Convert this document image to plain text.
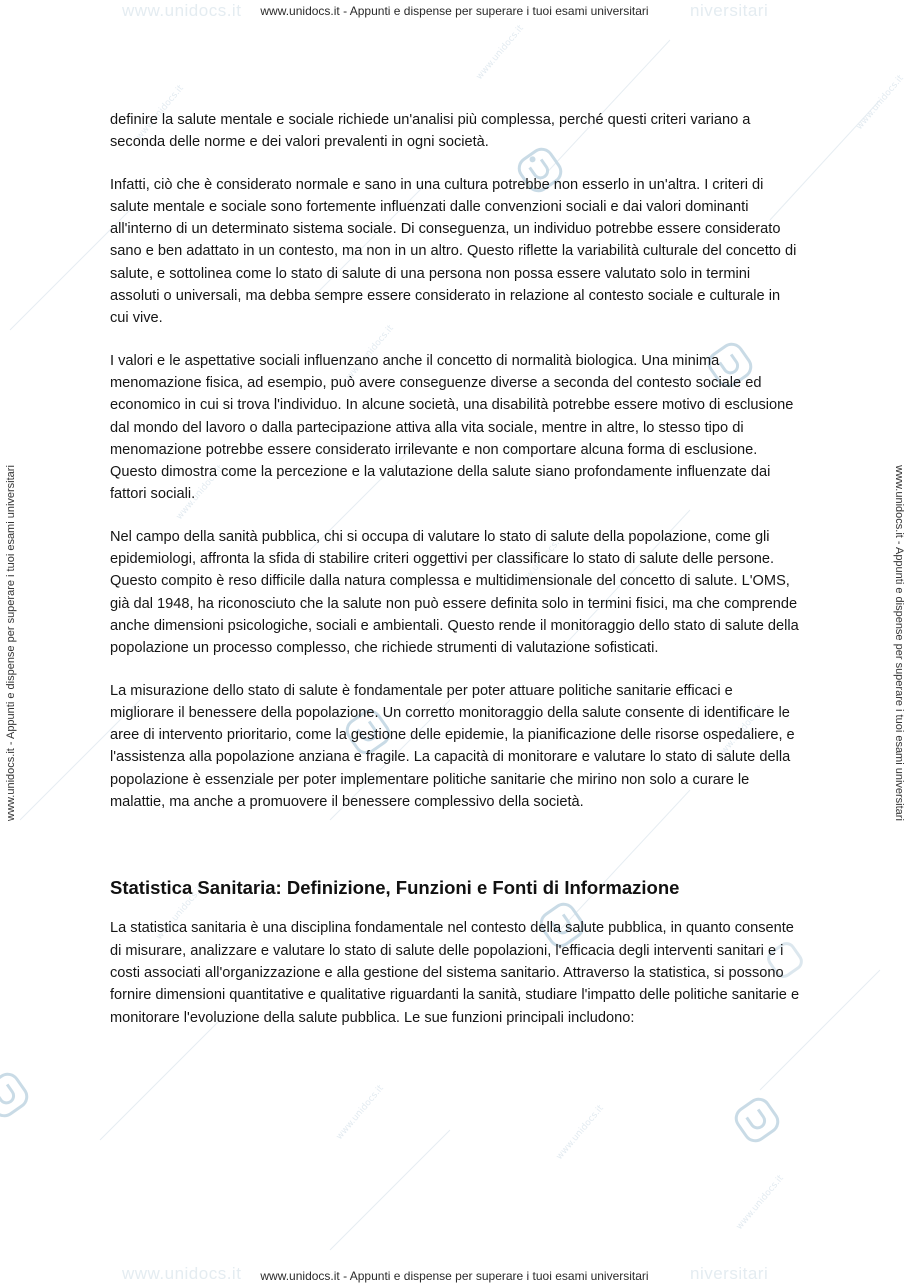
www.unidocs.it
www.unidocs.it
www.unidocs.it
www.unidocs.it
www.unidocs.it
www.unidocs.it
www.unidocs.it
www.unidocs.it
www.unidocs.it	www.unidocs.it
www.unidocs.it
www.unidocs.it	niversitari
www.unidocs.it	niversitari
www.unidocs.it - Appunti e dispense per superare i tuoi esami universitari
www.unidocs.it - Appunti e dispense per superare i tuoi esami universitari	www.unidocs.it - Appunti e dispense per superare i tuoi esami universitari

definire la salute mentale e sociale richiede un'analisi più complessa, perché questi criteri variano a seconda delle norme e dei valori prevalenti in ogni società.

Infatti, ciò che è considerato normale e sano in una cultura potrebbe non esserlo in un'altra. I criteri di salute mentale e sociale sono fortemente influenzati dalle convenzioni sociali e dai valori dominanti all'interno di un determinato sistema sociale. Di conseguenza, un individuo potrebbe essere considerato sano e ben adattato in un contesto, ma non in un altro. Questo riflette la variabilità culturale del concetto di salute, e sottolinea come lo stato di salute di una persona non possa essere valutato solo in termini assoluti o universali, ma debba sempre essere considerato in relazione al contesto sociale e culturale in cui vive.

I valori e le aspettative sociali influenzano anche il concetto di normalità biologica. Una minima menomazione fisica, ad esempio, può avere conseguenze diverse a seconda del contesto sociale ed economico in cui si trova l'individuo. In alcune società, una disabilità potrebbe essere motivo di esclusione dal mondo del lavoro o dalla partecipazione attiva alla vita sociale, mentre in altre, lo stesso tipo di menomazione potrebbe essere considerato irrilevante e non comportare alcuna forma di esclusione. Questo dimostra come la percezione e la valutazione della salute siano profondamente influenzate dai fattori sociali.

Nel campo della sanità pubblica, chi si occupa di valutare lo stato di salute della popolazione, come gli epidemiologi, affronta la sfida di stabilire criteri oggettivi per classificare lo stato di salute delle persone. Questo compito è reso difficile dalla natura complessa e multidimensionale del concetto di salute. L'OMS, già dal 1948, ha riconosciuto che la salute non può essere definita solo in termini fisici, ma che comprende anche dimensioni psicologiche, sociali e ambientali. Questo rende il monitoraggio dello stato di salute della popolazione un processo complesso, che richiede strumenti di valutazione sofisticati.

La misurazione dello stato di salute è fondamentale per poter attuare politiche sanitarie efficaci e migliorare il benessere della popolazione. Un corretto monitoraggio della salute consente di identificare le aree di intervento prioritario, come la gestione delle epidemie, la pianificazione delle risorse ospedaliere, e l'assistenza alla popolazione anziana e fragile. La capacità di monitorare e valutare lo stato di salute della popolazione è essenziale per poter implementare politiche sanitarie che mirino non solo a curare le malattie, ma anche a promuovere il benessere complessivo della società.

Statistica Sanitaria: Definizione, Funzioni e Fonti di Informazione

La statistica sanitaria è una disciplina fondamentale nel contesto della salute pubblica, in quanto consente di misurare, analizzare e valutare lo stato di salute delle popolazioni, l'efficacia degli interventi sanitari e i costi associati all'organizzazione e alla gestione del sistema sanitario. Attraverso la statistica, si possono fornire dimensioni quantitative e qualitative riguardanti la sanità, studiare l'impatto delle politiche sanitarie e monitorare l'evoluzione della salute pubblica. Le sue funzioni principali includono:

www.unidocs.it - Appunti e dispense per superare i tuoi esami universitari
